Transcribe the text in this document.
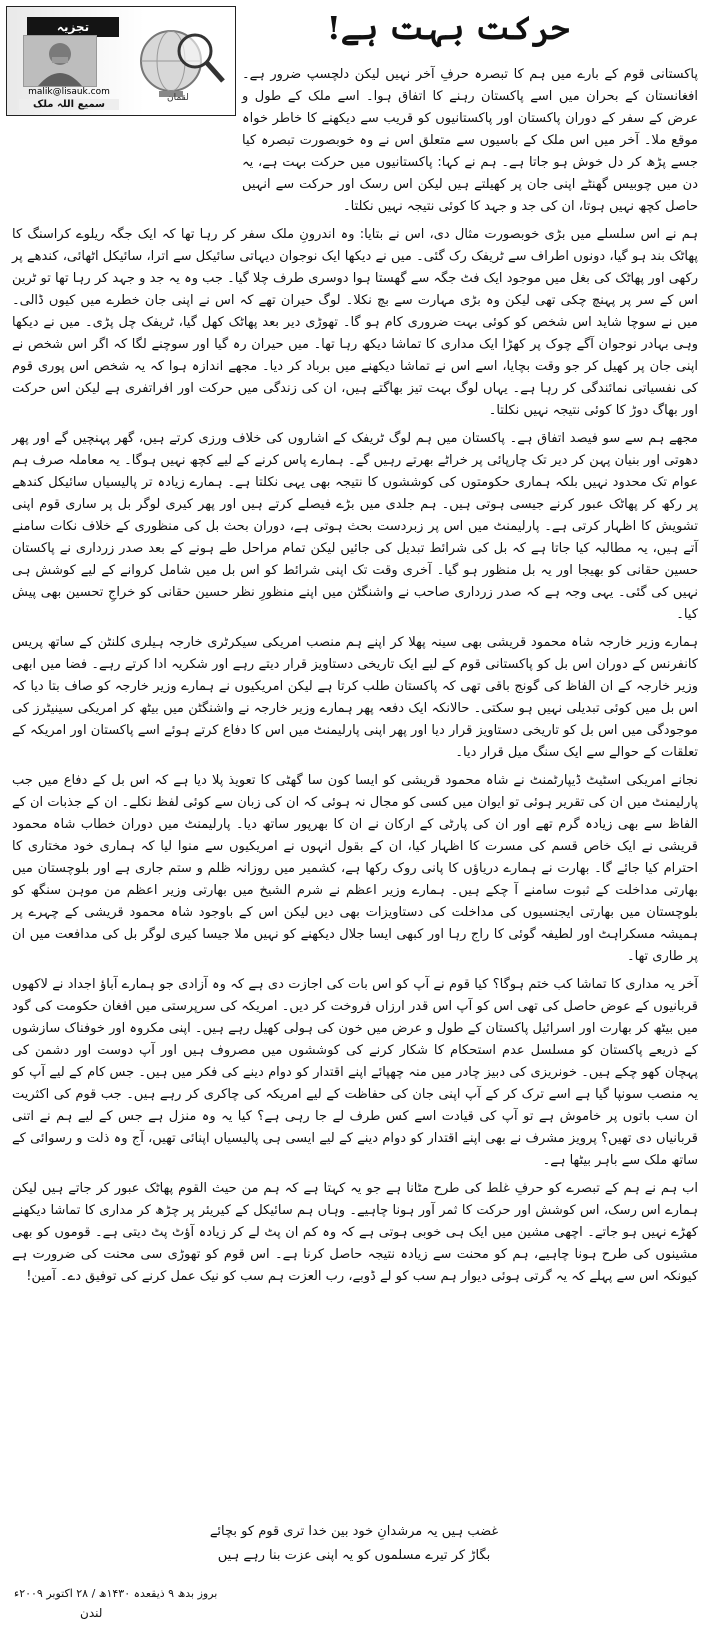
تجزیہ
malik@lisauk.com
سمیع اللہ ملک
لقمان
حرکت بہت ہے!

پاکستانی قوم کے بارے میں ہم کا تبصرہ حرفِ آخر نہیں لیکن دلچسپ ضرور ہے۔ افغانستان کے بحران میں اسے پاکستان رہنے کا اتفاق ہوا۔ اسے ملک کے طول و عرض کے سفر کے دوران پاکستان اور پاکستانیوں کو قریب سے دیکھنے کا خاطر خواہ موقع ملا۔ آخر میں اس ملک کے باسیوں سے متعلق اس نے وہ خوبصورت تبصرہ کیا جسے پڑھ کر دل خوش ہو جاتا ہے۔ ہم نے کہا: پاکستانیوں میں حرکت بہت ہے، یہ دن میں چوبیس گھنٹے اپنی جان پر کھیلتے ہیں لیکن اس رسک اور حرکت سے انہیں حاصل کچھ نہیں ہوتا، ان کی جد و جہد کا کوئی نتیجہ نہیں نکلتا۔

ہم نے اس سلسلے میں بڑی خوبصورت مثال دی، اس نے بتایا: وہ اندرونِ ملک سفر کر رہا تھا کہ ایک جگہ ریلوے کراسنگ کا پھاٹک بند ہو گیا، دونوں اطراف سے ٹریفک رک گئی۔ میں نے دیکھا ایک نوجوان دیہاتی سائیکل سے اترا، سائیکل اٹھائی، کندھے پر رکھی اور پھاٹک کی بغل میں موجود ایک فٹ جگہ سے گھستا ہوا دوسری طرف چلا گیا۔ جب وہ یہ جد و جہد کر رہا تھا تو ٹرین اس کے سر پر پہنچ چکی تھی لیکن وہ بڑی مہارت سے بچ نکلا۔ لوگ حیران تھے کہ اس نے اپنی جان خطرے میں کیوں ڈالی۔ میں نے سوچا شاید اس شخص کو کوئی بہت ضروری کام ہو گا۔ تھوڑی دیر بعد پھاٹک کھل گیا، ٹریفک چل پڑی۔ میں نے دیکھا وہی بہادر نوجوان آگے چوک پر کھڑا ایک مداری کا تماشا دیکھ رہا تھا۔ میں حیران رہ گیا اور سوچنے لگا کہ اگر اس شخص نے اپنی جان پر کھیل کر جو وقت بچایا، اسے اس نے تماشا دیکھنے میں برباد کر دیا۔ مجھے اندازہ ہوا کہ یہ شخص اس پوری قوم کی نفسیاتی نمائندگی کر رہا ہے۔ یہاں لوگ بہت تیز بھاگتے ہیں، ان کی زندگی میں حرکت اور افراتفری ہے لیکن اس حرکت اور بھاگ دوڑ کا کوئی نتیجہ نہیں نکلتا۔

مجھے ہم سے سو فیصد اتفاق ہے۔ پاکستان میں ہم لوگ ٹریفک کے اشاروں کی خلاف ورزی کرتے ہیں، گھر پہنچیں گے اور پھر دھوتی اور بنیان پہن کر دیر تک چارپائی پر خراٹے بھرتے رہیں گے۔ ہمارے پاس کرنے کے لیے کچھ نہیں ہوگا۔ یہ معاملہ صرف ہم عوام تک محدود نہیں بلکہ ہماری حکومتوں کی کوششوں کا نتیجہ بھی یہی نکلتا ہے۔ ہمارے زیادہ تر پالیسیاں سائیکل کندھے پر رکھ کر پھاٹک عبور کرنے جیسی ہوتی ہیں۔ ہم جلدی میں بڑے فیصلے کرتے ہیں اور پھر کیری لوگر بل پر ساری قوم اپنی تشویش کا اظہار کرتی ہے۔ پارلیمنٹ میں اس پر زبردست بحث ہوتی ہے، دوران بحث بل کی منظوری کے خلاف نکات سامنے آتے ہیں، یہ مطالبہ کیا جاتا ہے کہ بل کی شرائط تبدیل کی جائیں لیکن تمام مراحل طے ہونے کے بعد صدر زرداری نے پاکستان حسین حقانی کو بھیجا اور یہ بل منظور ہو گیا۔ آخری وقت تک اپنی شرائط کو اس بل میں شامل کروانے کے لیے کوشش ہی نہیں کی گئی۔ یہی وجہ ہے کہ صدر زرداری صاحب نے واشنگٹن میں اپنے منظورِ نظر حسین حقانی کو خراجِ تحسین بھی پیش کیا۔

ہمارے وزیر خارجہ شاہ محمود قریشی بھی سینہ پھلا کر اپنے ہم منصب امریکی سیکرٹری خارجہ ہیلری کلنٹن کے ساتھ پریس کانفرنس کے دوران اس بل کو پاکستانی قوم کے لیے ایک تاریخی دستاویز قرار دیتے رہے اور شکریہ ادا کرتے رہے۔ فضا میں ابھی وزیر خارجہ کے ان الفاظ کی گونج باقی تھی کہ پاکستان طلب کرتا ہے لیکن امریکیوں نے ہمارے وزیر خارجہ کو صاف بتا دیا کہ اس بل میں کوئی تبدیلی نہیں ہو سکتی۔ حالانکہ ایک دفعہ پھر ہمارے وزیر خارجہ نے واشنگٹن میں بیٹھ کر امریکی سینیٹرز کی موجودگی میں اس بل کو تاریخی دستاویز قرار دیا اور پھر اپنی پارلیمنٹ میں اس کا دفاع کرتے ہوئے اسے پاکستان اور امریکہ کے تعلقات کے حوالے سے ایک سنگ میل قرار دیا۔

نجانے امریکی اسٹیٹ ڈیپارٹمنٹ نے شاہ محمود قریشی کو ایسا کون سا گھٹی کا تعویذ پلا دیا ہے کہ اس بل کے دفاع میں جب پارلیمنٹ میں ان کی تقریر ہوئی تو ایوان میں کسی کو مجال نہ ہوئی کہ ان کی زبان سے کوئی لفظ نکلے۔ ان کے جذبات ان کے الفاظ سے بھی زیادہ گرم تھے اور ان کی پارٹی کے ارکان نے ان کا بھرپور ساتھ دیا۔ پارلیمنٹ میں دوران خطاب شاہ محمود قریشی نے ایک خاص قسم کی مسرت کا اظہار کیا، ان کے بقول انہوں نے امریکیوں سے منوا لیا کہ ہماری خود مختاری کا احترام کیا جائے گا۔ بھارت نے ہمارے دریاؤں کا پانی روک رکھا ہے، کشمیر میں روزانہ ظلم و ستم جاری ہے اور بلوچستان میں بھارتی مداخلت کے ثبوت سامنے آ چکے ہیں۔ ہمارے وزیر اعظم نے شرم الشیخ میں بھارتی وزیر اعظم من موہن سنگھ کو بلوچستان میں بھارتی ایجنسیوں کی مداخلت کی دستاویزات بھی دیں لیکن اس کے باوجود شاہ محمود قریشی کے چہرے پر ہمیشہ مسکراہٹ اور لطیفہ گوئی کا راج رہا اور کبھی ایسا جلال دیکھنے کو نہیں ملا جیسا کیری لوگر بل کی مدافعت میں ان پر طاری تھا۔

آخر یہ مداری کا تماشا کب ختم ہوگا؟ کیا قوم نے آپ کو اس بات کی اجازت دی ہے کہ وہ آزادی جو ہمارے آباؤ اجداد نے لاکھوں قربانیوں کے عوض حاصل کی تھی اس کو آپ اس قدر ارزاں فروخت کر دیں۔ امریکہ کی سرپرستی میں افغان حکومت کی گود میں بیٹھ کر بھارت اور اسرائیل پاکستان کے طول و عرض میں خون کی ہولی کھیل رہے ہیں۔ اپنی مکروہ اور خوفناک سازشوں کے ذریعے پاکستان کو مسلسل عدم استحکام کا شکار کرنے کی کوششوں میں مصروف ہیں اور آپ دوست اور دشمن کی پہچان کھو چکے ہیں۔ خونریزی کی دبیز چادر میں منہ چھپائے اپنے اقتدار کو دوام دینے کی فکر میں ہیں۔ جس کام کے لیے آپ کو یہ منصب سونپا گیا ہے اسے ترک کر کے آپ اپنی جان کی حفاظت کے لیے امریکہ کی چاکری کر رہے ہیں۔ جب قوم کی اکثریت ان سب باتوں پر خاموش ہے تو آپ کی قیادت اسے کس طرف لے جا رہی ہے؟ کیا یہ وہ منزل ہے جس کے لیے ہم نے اتنی قربانیاں دی تھیں؟ پرویز مشرف نے بھی اپنے اقتدار کو دوام دینے کے لیے ایسی ہی پالیسیاں اپنائی تھیں، آج وہ ذلت و رسوائی کے ساتھ ملک سے باہر بیٹھا ہے۔

اب ہم نے ہم کے تبصرے کو حرفِ غلط کی طرح مٹانا ہے جو یہ کہتا ہے کہ ہم من حیث القوم پھاٹک عبور کر جاتے ہیں لیکن ہمارے اس رسک، اس کوشش اور حرکت کا ثمر آور ہونا چاہیے۔ وہاں ہم سائیکل کے کیریئر پر چڑھ کر مداری کا تماشا دیکھنے کھڑے نہیں ہو جاتے۔ اچھی مشین میں ایک ہی خوبی ہوتی ہے کہ وہ کم ان پٹ لے کر زیادہ آؤٹ پٹ دیتی ہے۔ قوموں کو بھی مشینوں کی طرح ہونا چاہیے، ہم کو محنت سے زیادہ نتیجہ حاصل کرنا ہے۔ اس قوم کو تھوڑی سی محنت کی ضرورت ہے کیونکہ اس سے پہلے کہ یہ گرتی ہوئی دیوار ہم سب کو لے ڈوبے، رب العزت ہم سب کو نیک عمل کرنے کی توفیق دے۔ آمین!

غضب ہیں یہ مرشدانِ خود بین خدا تری قوم کو بچائے
بگاڑ کر تیرے مسلموں کو یہ اپنی عزت بنا رہے ہیں
بروز بدھ ۹ ذیقعدہ ۱۴۳۰ھ / ۲۸ اکتوبر ۲۰۰۹ء
لندن
